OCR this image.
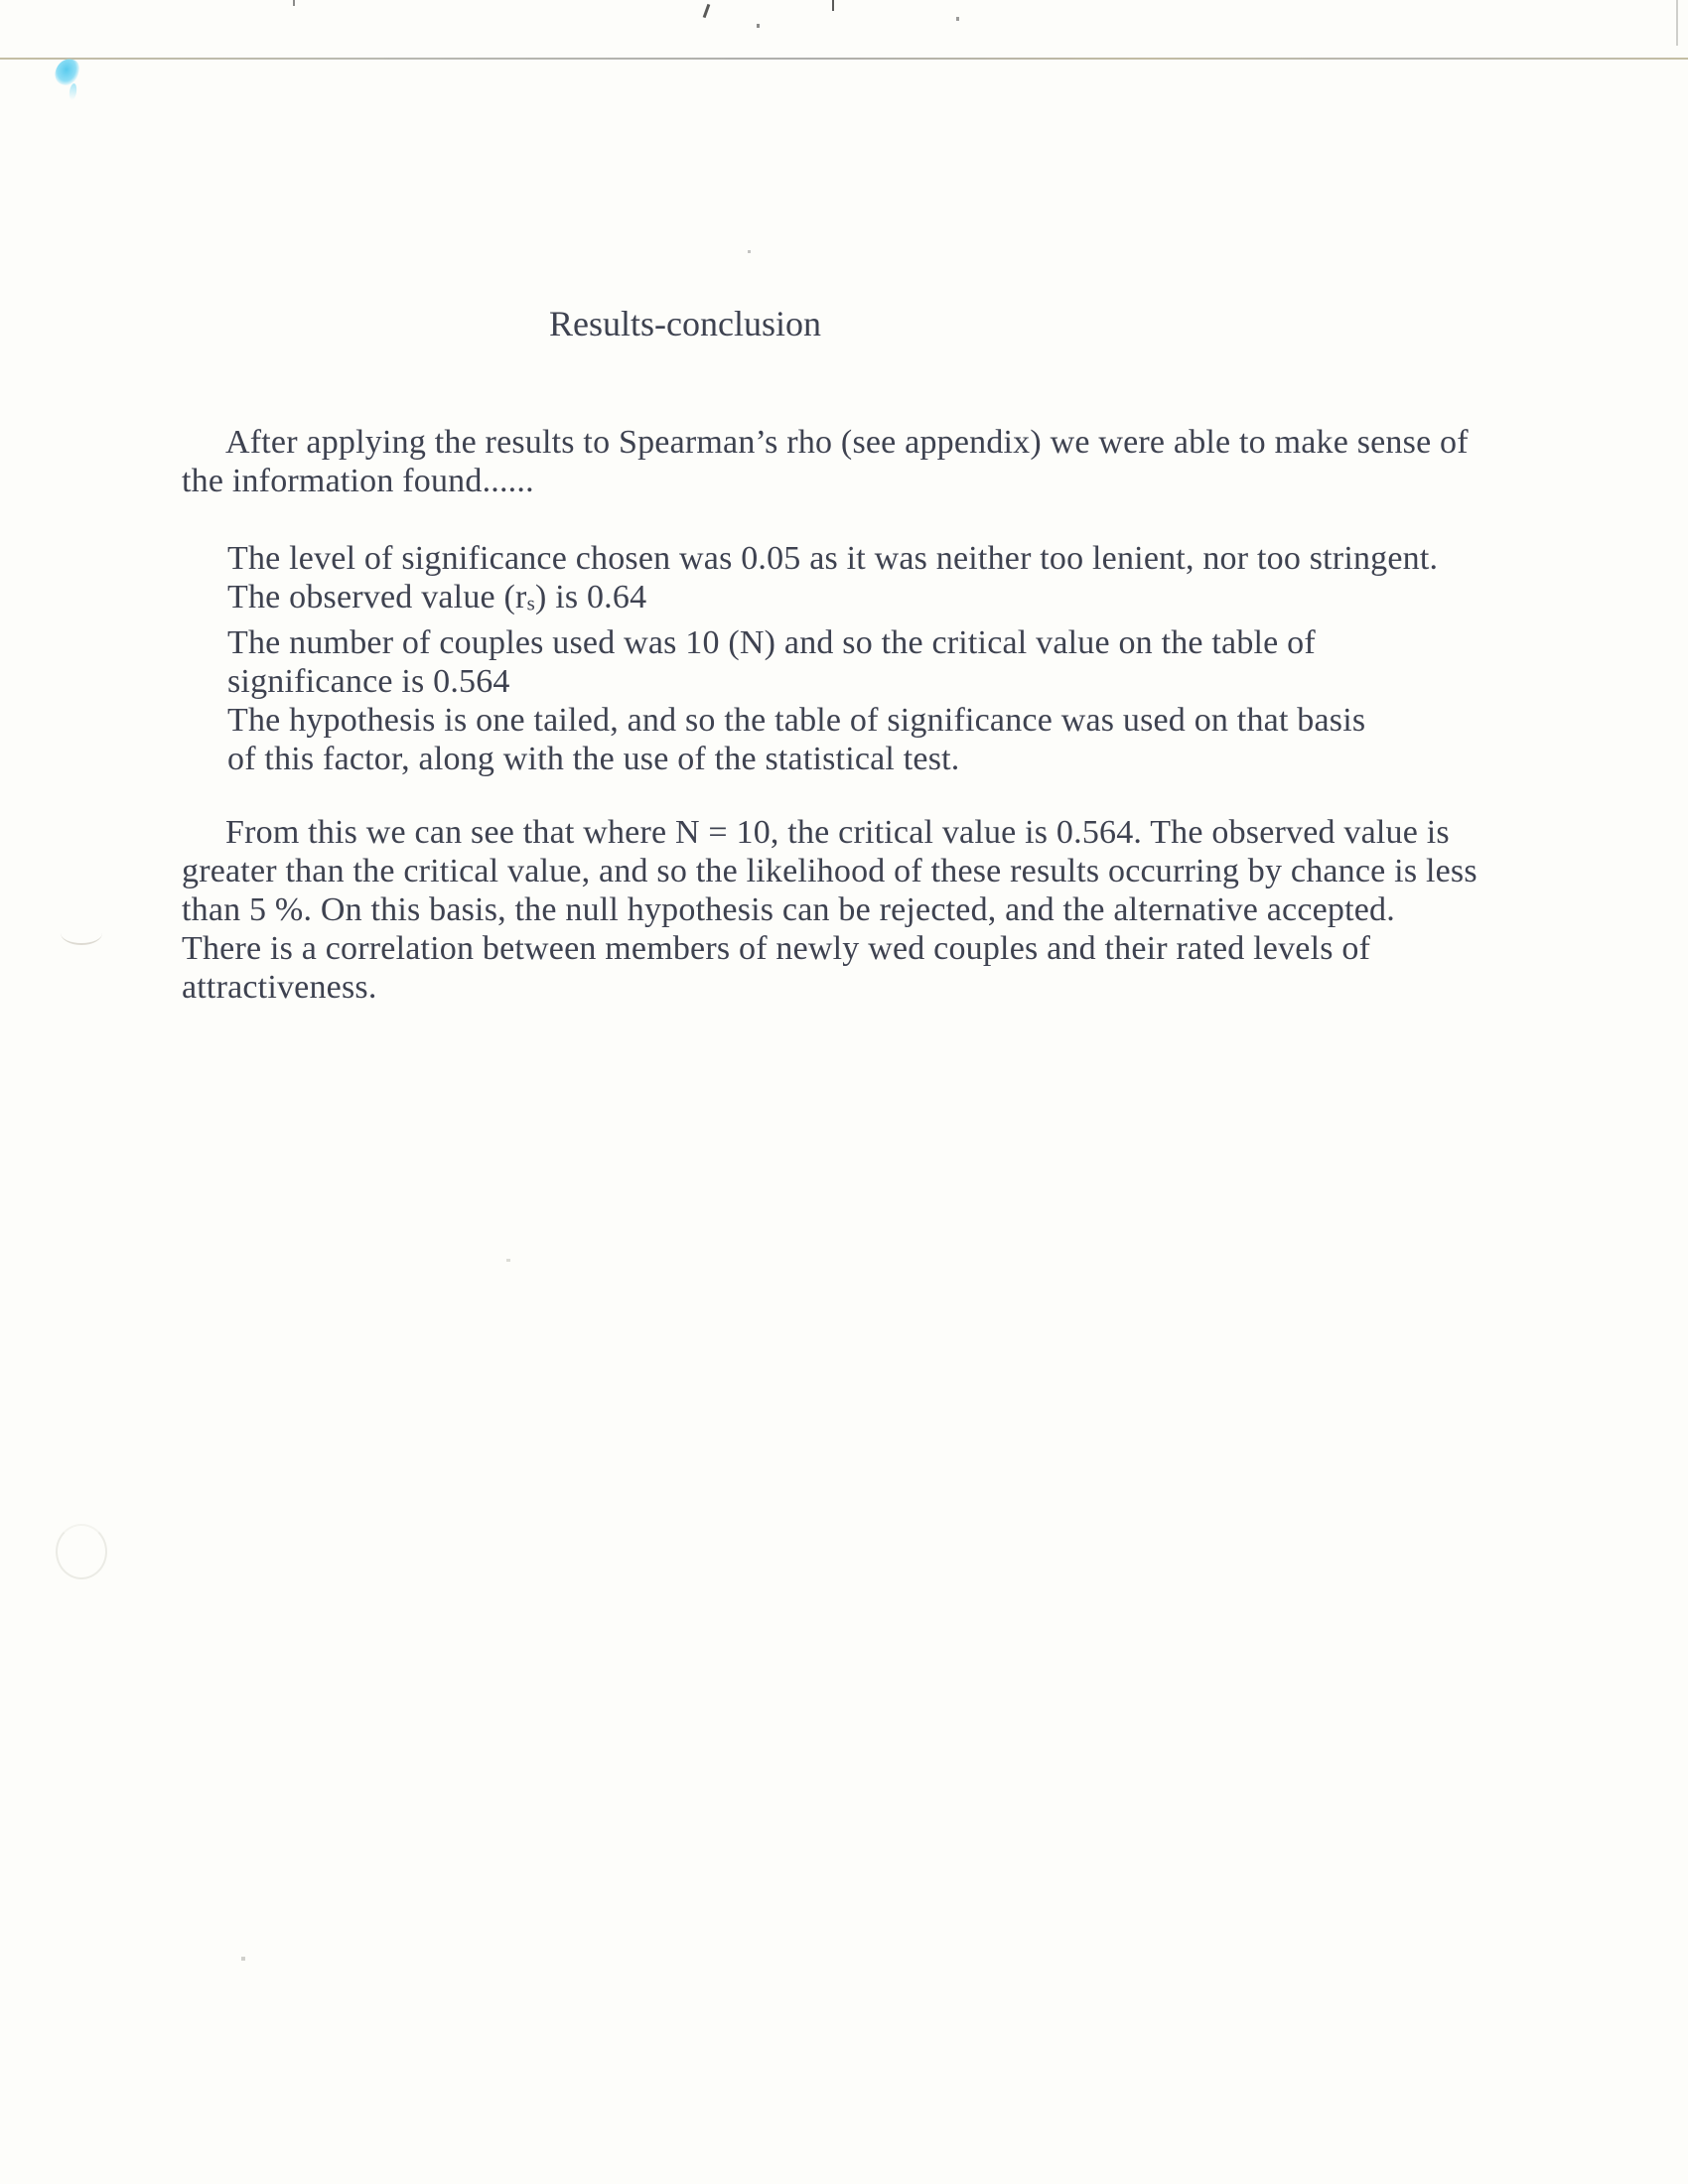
Results-conclusion
After applying the results to Spearman’s rho (see appendix) we were able to make sense of
the information found......
The level of significance chosen was 0.05 as it was neither too lenient, nor too stringent.
The observed value (rs) is 0.64
The number of couples used was 10 (N) and so the critical value on the table of
significance is 0.564
The hypothesis is one tailed, and so the table of significance was used on that basis
of this factor, along with the use of the statistical test.
From this we can see that where N = 10, the critical value is 0.564. The observed value is
greater than the critical value, and so the likelihood of these results occurring by chance is less
than 5 %. On this basis, the null hypothesis can be rejected, and the alternative accepted.
There is a correlation between members of newly wed couples and their rated levels of
attractiveness.
